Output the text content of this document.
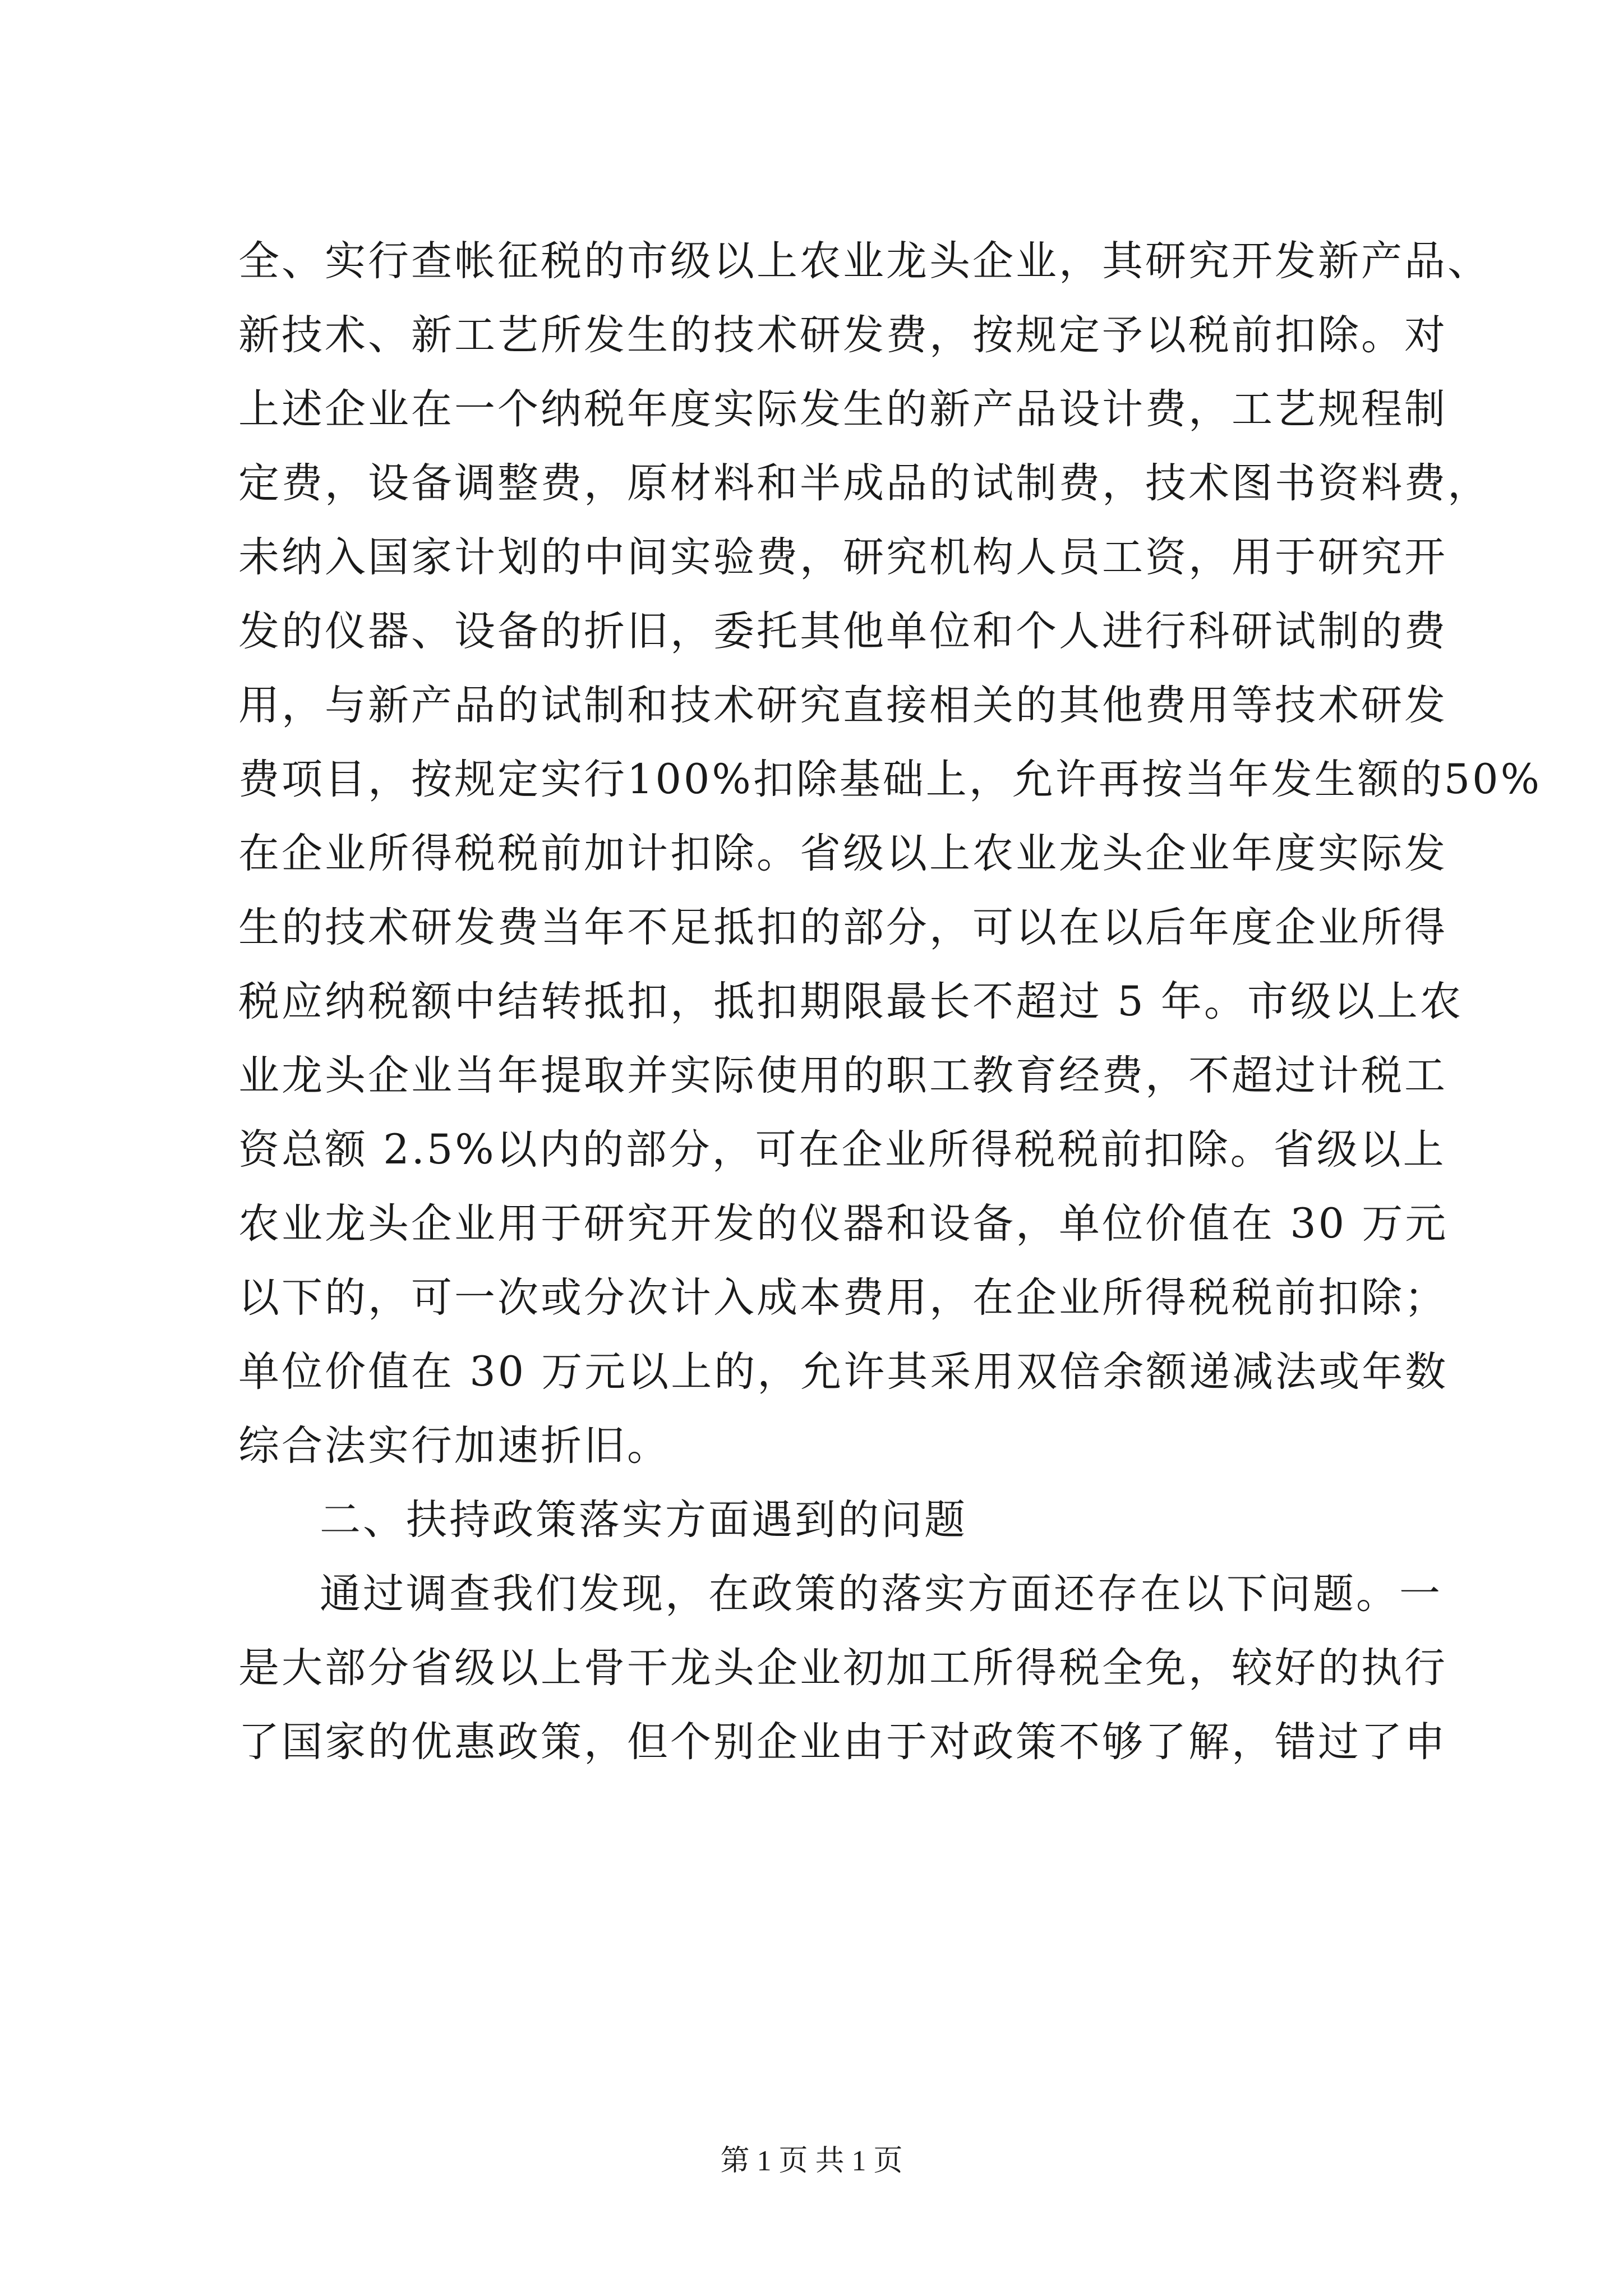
全、实行查帐征税的市级以上农业龙头企业，其研究开发新产品、
新技术、新工艺所发生的技术研发费，按规定予以税前扣除。对
上述企业在一个纳税年度实际发生的新产品设计费，工艺规程制
定费，设备调整费，原材料和半成品的试制费，技术图书资料费，
未纳入国家计划的中间实验费，研究机构人员工资，用于研究开
发的仪器、设备的折旧，委托其他单位和个人进行科研试制的费
用，与新产品的试制和技术研究直接相关的其他费用等技术研发
费项目，按规定实行100%扣除基础上，允许再按当年发生额的50%
在企业所得税税前加计扣除。省级以上农业龙头企业年度实际发
生的技术研发费当年不足抵扣的部分，可以在以后年度企业所得
税应纳税额中结转抵扣，抵扣期限最长不超过 5 年。市级以上农
业龙头企业当年提取并实际使用的职工教育经费，不超过计税工
资总额 2.5%以内的部分，可在企业所得税税前扣除。省级以上
农业龙头企业用于研究开发的仪器和设备，单位价值在 30 万元
以下的，可一次或分次计入成本费用，在企业所得税税前扣除；
单位价值在 30 万元以上的，允许其采用双倍余额递减法或年数
综合法实行加速折旧。
二、扶持政策落实方面遇到的问题
通过调查我们发现，在政策的落实方面还存在以下问题。一
是大部分省级以上骨干龙头企业初加工所得税全免，较好的执行
了国家的优惠政策，但个别企业由于对政策不够了解，错过了申
第 1 页 共 1 页
